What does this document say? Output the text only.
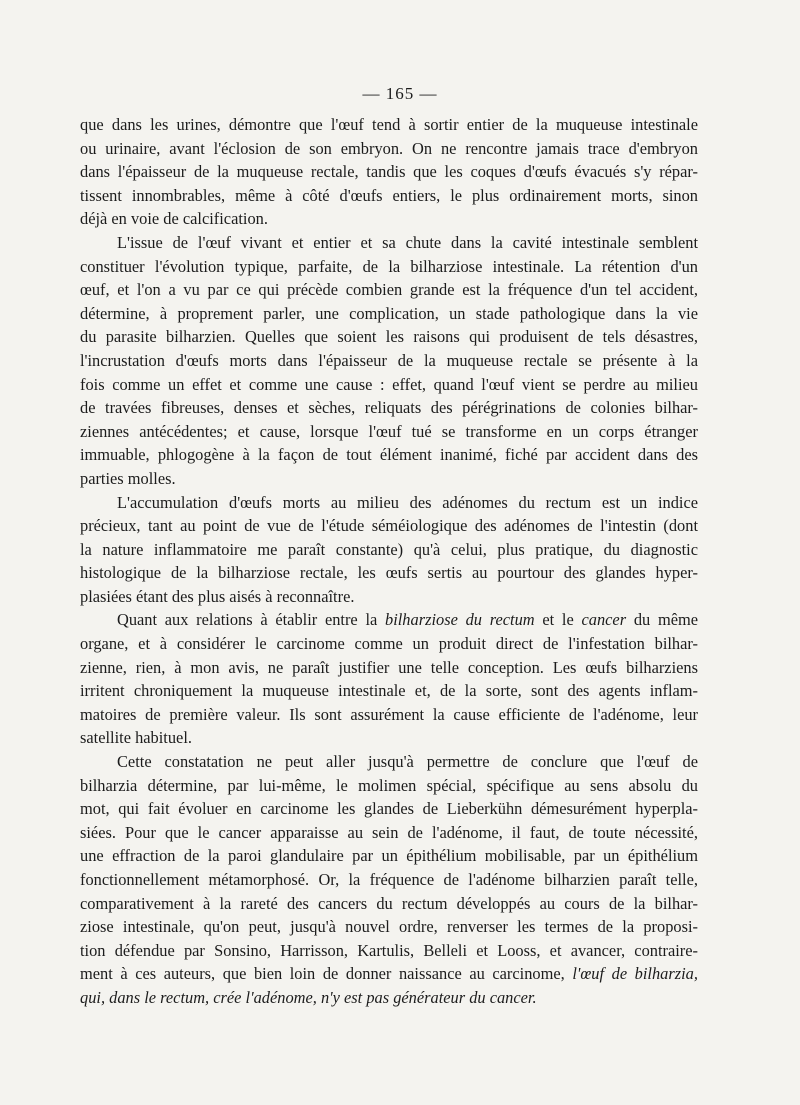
— 165 —
que dans les urines, démontre que l'œuf tend à sortir entier de la muqueuse intestinale
ou urinaire, avant l'éclosion de son embryon. On ne rencontre jamais trace d'embryon
dans l'épaisseur de la muqueuse rectale, tandis que les coques d'œufs évacués s'y répar-
tissent innombrables, même à côté d'œufs entiers, le plus ordinairement morts, sinon
déjà en voie de calcification.
L'issue de l'œuf vivant et entier et sa chute dans la cavité intestinale semblent
constituer l'évolution typique, parfaite, de la bilharziose intestinale. La rétention d'un
œuf, et l'on a vu par ce qui précède combien grande est la fréquence d'un tel accident,
détermine, à proprement parler, une complication, un stade pathologique dans la vie
du parasite bilharzien. Quelles que soient les raisons qui produisent de tels désastres,
l'incrustation d'œufs morts dans l'épaisseur de la muqueuse rectale se présente à la
fois comme un effet et comme une cause : effet, quand l'œuf vient se perdre au milieu
de travées fibreuses, denses et sèches, reliquats des pérégrinations de colonies bilhar-
ziennes antécédentes; et cause, lorsque l'œuf tué se transforme en un corps étranger
immuable, phlogogène à la façon de tout élément inanimé, fiché par accident dans des
parties molles.
L'accumulation d'œufs morts au milieu des adénomes du rectum est un indice
précieux, tant au point de vue de l'étude séméiologique des adénomes de l'intestin (dont
la nature inflammatoire me paraît constante) qu'à celui, plus pratique, du diagnostic
histologique de la bilharziose rectale, les œufs sertis au pourtour des glandes hyper-
plasiées étant des plus aisés à reconnaître.
Quant aux relations à établir entre la bilharziose du rectum et le cancer du même
organe, et à considérer le carcinome comme un produit direct de l'infestation bilhar-
zienne, rien, à mon avis, ne paraît justifier une telle conception. Les œufs bilharziens
irritent chroniquement la muqueuse intestinale et, de la sorte, sont des agents inflam-
matoires de première valeur. Ils sont assurément la cause efficiente de l'adénome, leur
satellite habituel.
Cette constatation ne peut aller jusqu'à permettre de conclure que l'œuf de
bilharzia détermine, par lui-même, le molimen spécial, spécifique au sens absolu du
mot, qui fait évoluer en carcinome les glandes de Lieberkühn démesurément hyperpla-
siées. Pour que le cancer apparaisse au sein de l'adénome, il faut, de toute nécessité,
une effraction de la paroi glandulaire par un épithélium mobilisable, par un épithélium
fonctionnellement métamorphosé. Or, la fréquence de l'adénome bilharzien paraît telle,
comparativement à la rareté des cancers du rectum développés au cours de la bilhar-
ziose intestinale, qu'on peut, jusqu'à nouvel ordre, renverser les termes de la proposi-
tion défendue par Sonsino, Harrisson, Kartulis, Belleli et Looss, et avancer, contraire-
ment à ces auteurs, que bien loin de donner naissance au carcinome, l'œuf de bilharzia,
qui, dans le rectum, crée l'adénome, n'y est pas générateur du cancer.
